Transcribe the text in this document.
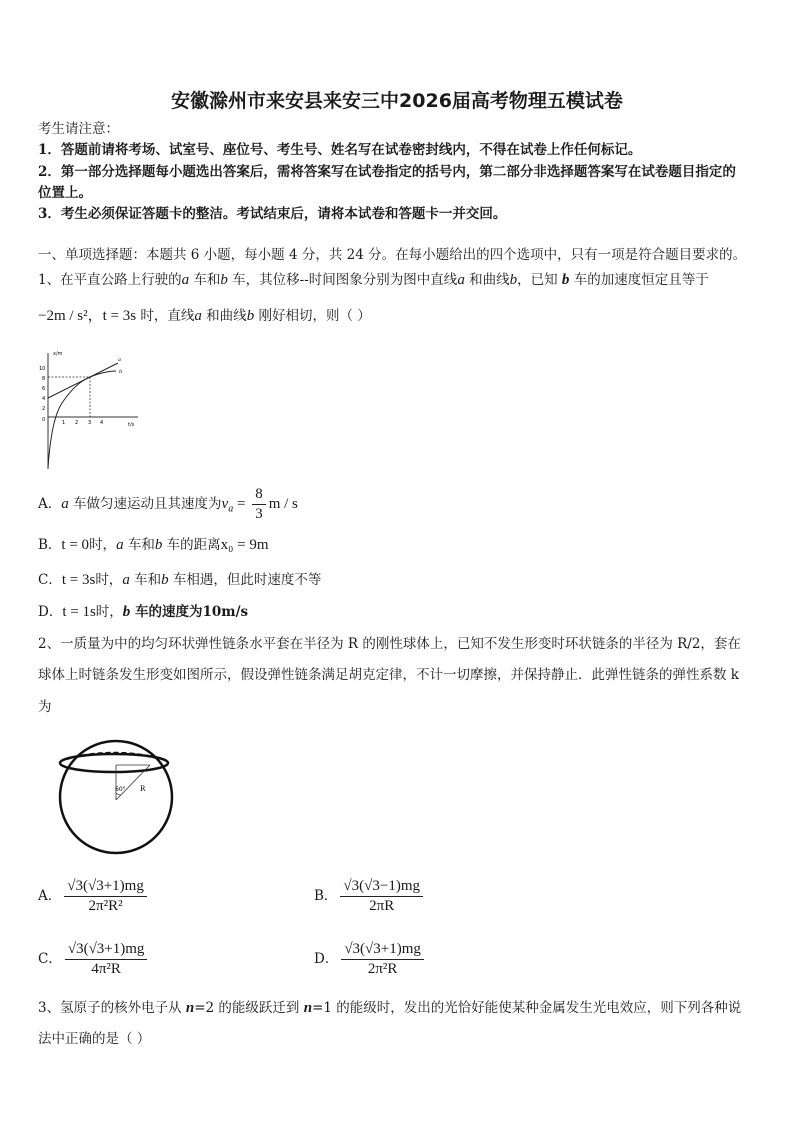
安徽滁州市来安县来安三中2026届高考物理五模试卷
考生请注意：
1．答题前请将考场、试室号、座位号、考生号、姓名写在试卷密封线内，不得在试卷上作任何标记。
2．第一部分选择题每小题选出答案后，需将答案写在试卷指定的括号内，第二部分非选择题答案写在试卷题目指定的
位置上。
3．考生必须保证答题卡的整洁。考试结束后，请将本试卷和答题卡一并交回。
一、单项选择题：本题共 6 小题，每小题 4 分，共 24 分。在每小题给出的四个选项中，只有一项是符合题目要求的。
1、在平直公路上行驶的a 车和b 车，其位移--时间图象分别为图中直线a 和曲线b，已知 b 车的加速度恒定且等于
−2m / s²，t = 3s 时，直线a 和曲线b 刚好相切，则（ ）
x/m
t/s
0
10
8
6
4
2
1 2 3 4
a
b
A．a 车做匀速运动且其速度为$v_a = \frac{8}{3}$ m / s
B．t = 0时，a 车和b 车的距离x₀ = 9m
C．t = 3s时，a 车和b 车相遇，但此时速度不等
D．t = 1s时，b 车的速度为10m/s
2、一质量为中的均匀环状弹性链条水平套在半径为 R 的刚性球体上，已知不发生形变时环状链条的半径为 R/2，套在
球体上时链条发生形变如图所示，假设弹性链条满足胡克定律，不计一切摩擦，并保持静止．此弹性链条的弹性系数 k
为
60° R
A． $\frac{√3(√3+1)mg}{\text{2π²R²}}$	B． $\frac{√3(√3-1)mg}{2\pi R}$
C． $\frac{√3(√3+1)mg}{\text{4π²R}}$	D． $\frac{√3(√3+1)mg}{\text{2π²R}}$
3、氢原子的核外电子从 n=2 的能级跃迁到 n=1 的能级时，发出的光恰好能使某种金属发生光电效应，则下列各种说
法中正确的是（ ）
